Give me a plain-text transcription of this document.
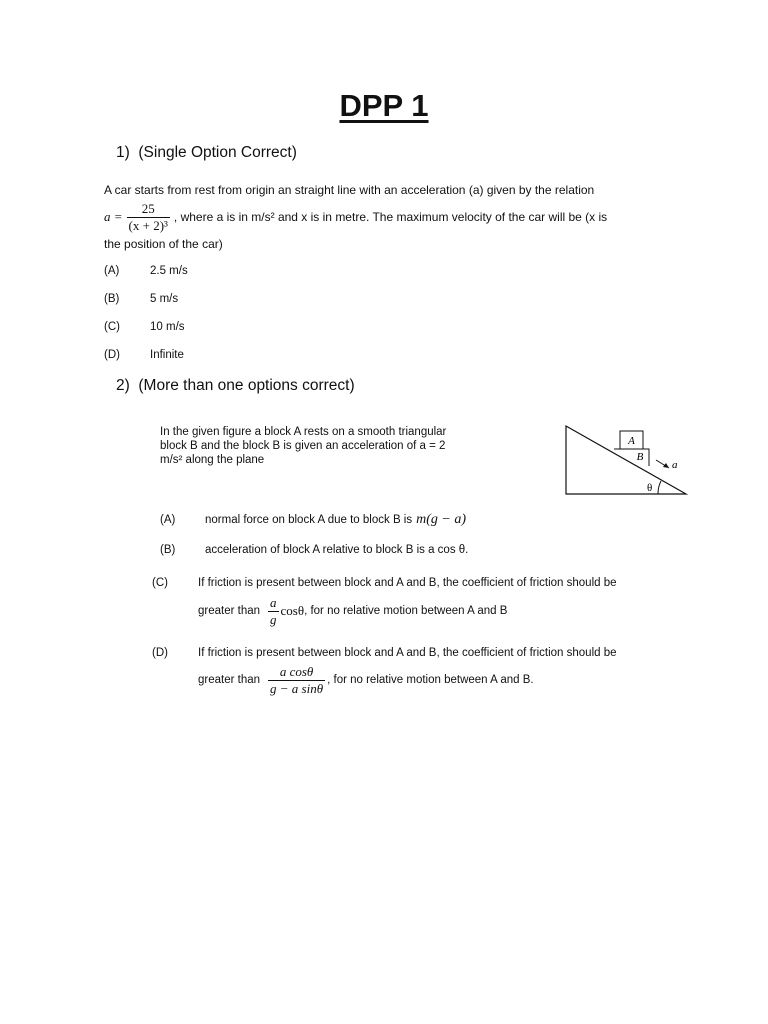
DPP 1
1)  (Single Option Correct)
A car starts from rest from origin an straight line with an acceleration (a) given by the relation
$a = \frac{25}{\text{(x + 2)³}}$ , where a is in m/s² and x is in metre. The maximum velocity of the car will be (x is
the position of the car)
(A)	2.5 m/s
(B)	5 m/s
(C)	10 m/s
(D)	Infinite
2)  (More than one options correct)
In the given figure a block A rests on a smooth triangular
block B and the block B is given an acceleration of a = 2
m/s² along the plane
A
B
a
θ
(A)	normal force on block A due to block B is m(g − a)
(B)	acceleration of block A relative to block B is a cos θ.
(C)	If friction is present between block and A and B, the coefficient of friction should be
greater than $\frac{a}{g}$ cosθ , for no relative motion between A and B
(D)	If friction is present between block and A and B, the coefficient of friction should be
greater than $\frac{\text{a cosθ}}{\text{g − a sinθ}}$ , for no relative motion between A and B.
